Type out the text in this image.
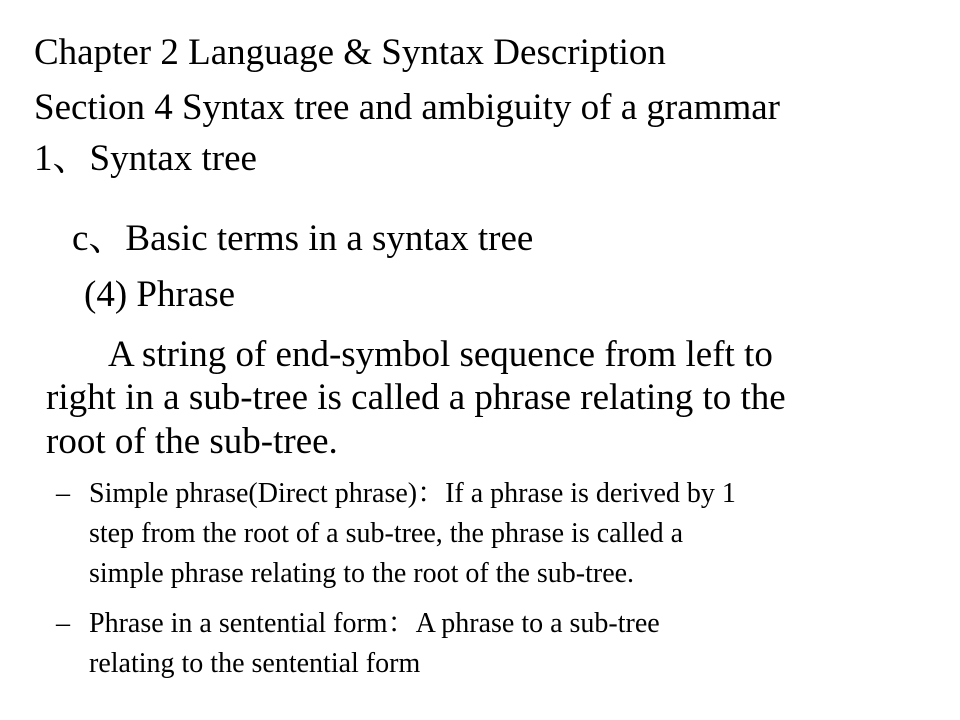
Chapter 2 Language & Syntax Description
Section 4 Syntax tree and ambiguity of a grammar
1、Syntax tree
c、Basic terms in a syntax tree
(4) Phrase
A string of end-symbol sequence from left to
right in a sub-tree is called a phrase relating to the
root of the sub-tree.
– Simple phrase(Direct phrase)：If a phrase is derived by 1
step from the root of a sub-tree, the phrase is called a
simple phrase relating to the root of the sub-tree.
– Phrase in a sentential form：A phrase to a sub-tree
relating to the sentential form
